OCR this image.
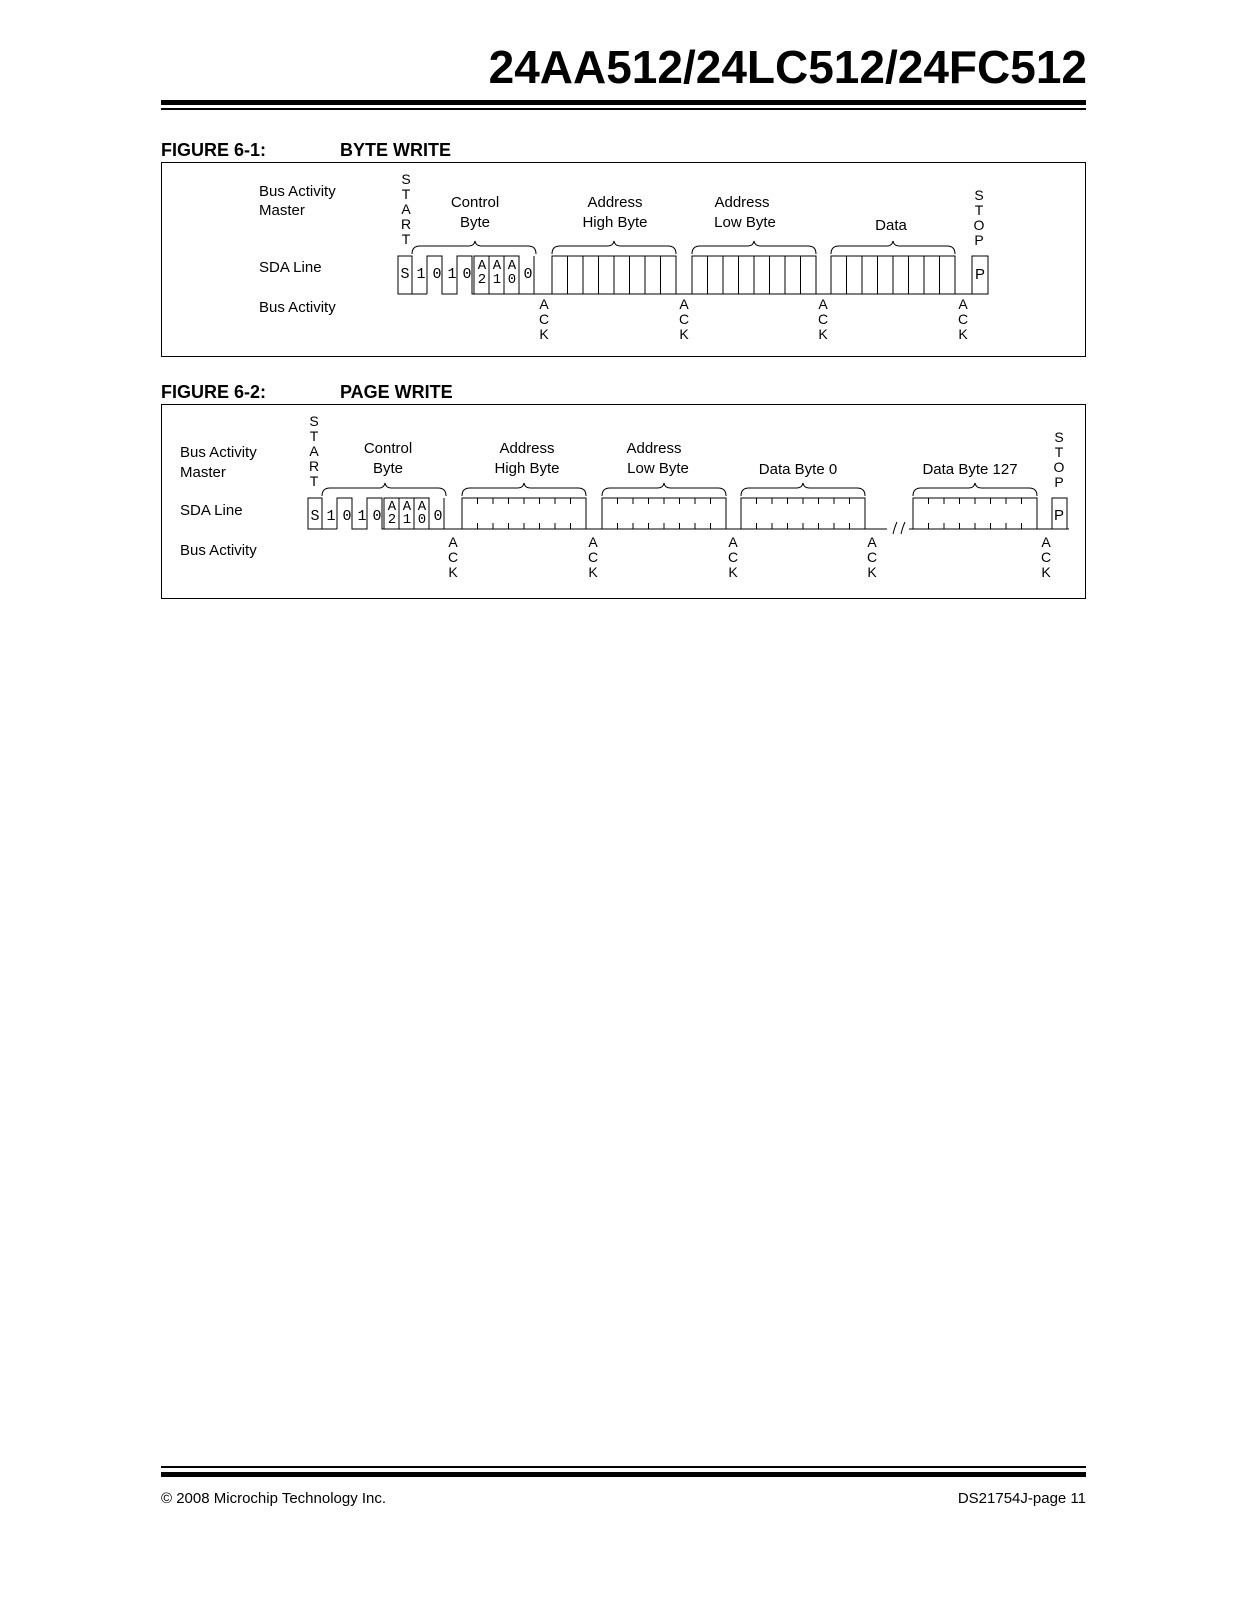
24AA512/24LC512/24FC512
FIGURE 6-1:	BYTE WRITE
Bus Activity
Master
SDA Line
Bus Activity
S
T
A
R
T
S
T
O
P
Control
Byte
Address
High Byte
Address
Low Byte	Data
S 1 0 1 0 A
2
A
1
A
0 0	P
A
C
K
A
C
K
A
C
K
A
C
K
FIGURE 6-2:	PAGE WRITE
Bus Activity
Master
SDA Line
Bus Activity
S
T
A
R
T
S
T
O
P
Control
Byte
Address
High Byte
Address
Low Byte	Data Byte 0	Data Byte 127
S 1 0 1 0
A
2
A
1
A
0 0	P
A
C
K
A
C
K
A
C
K
A
C
K
A
C
K
© 2008 Microchip Technology Inc.	DS21754J-page 11
